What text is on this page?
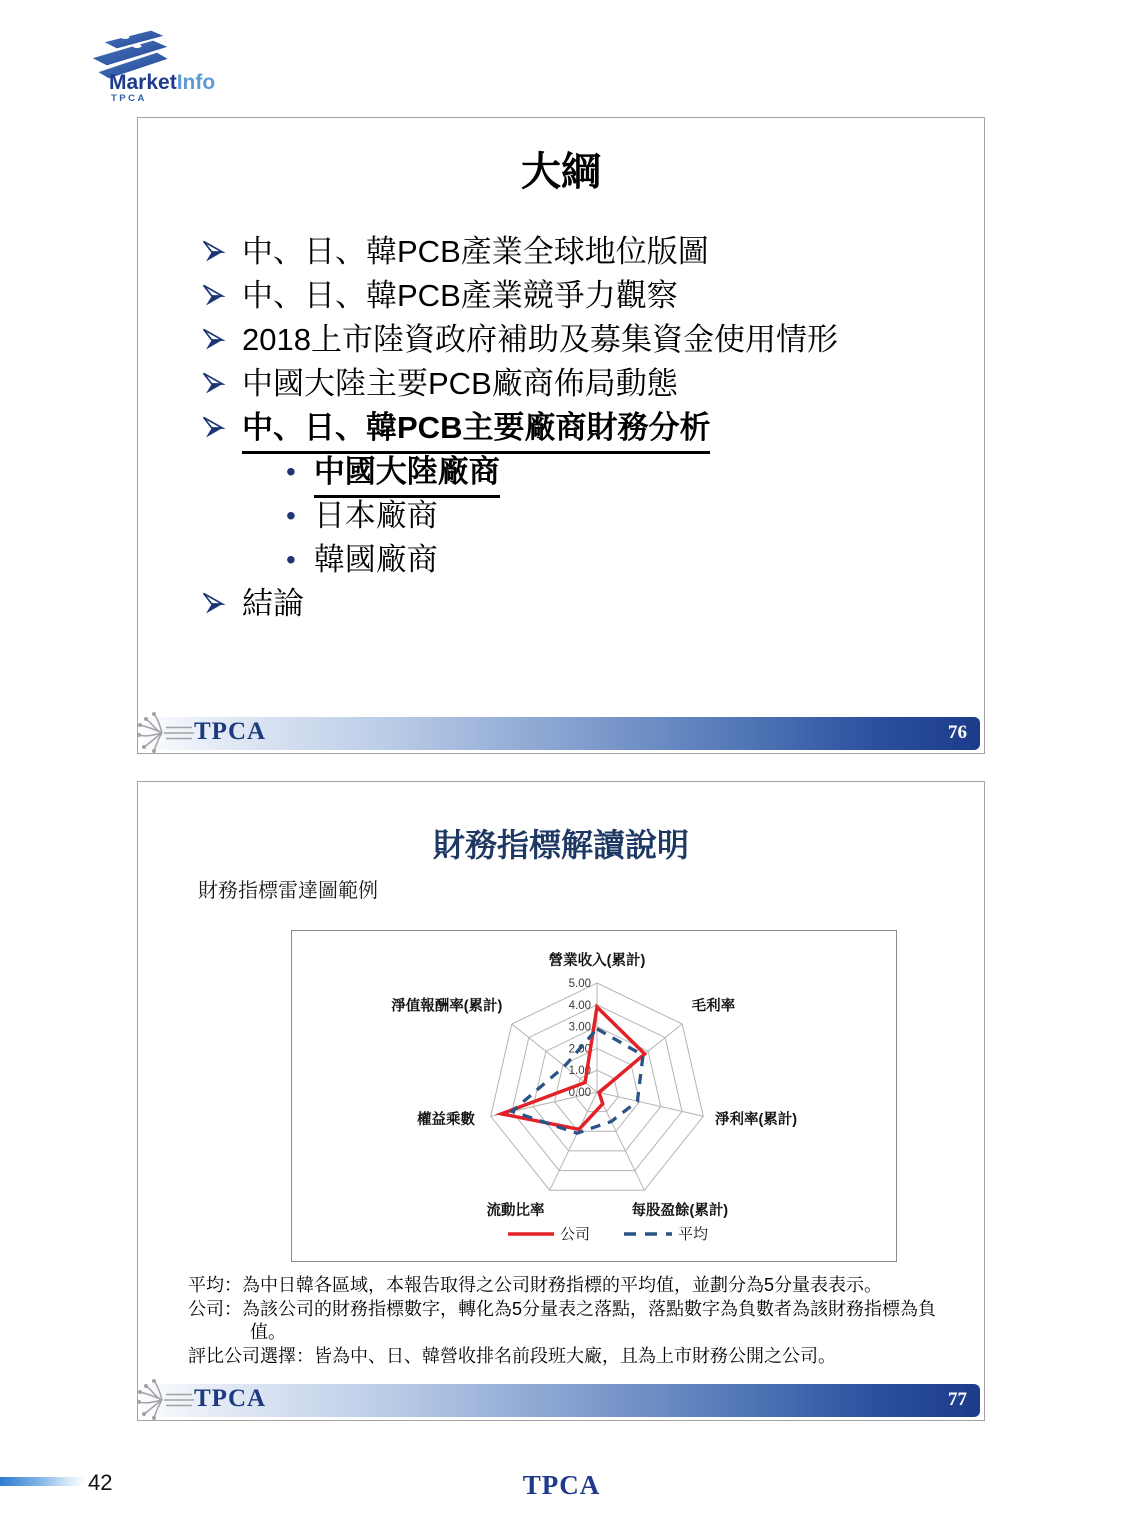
MarketInfo
TPCA
大綱
中、日、韓PCB產業全球地位版圖
中、日、韓PCB產業競爭力觀察
2018上市陸資政府補助及募集資金使用情形
中國大陸主要PCB廠商佈局動態
中、日、韓PCB主要廠商財務分析
• 中國大陸廠商
• 日本廠商
• 韓國廠商
結論
TPCA	76
財務指標解讀說明
財務指標雷達圖範例
0.00
1.00
2.00
3.00
4.00
5.00
營業收入(累計)
毛利率
淨利率(累計)
每股盈餘(累計)
流動比率
權益乘數
淨值報酬率(累計)
公司	平均
平均：為中日韓各區域，本報告取得之公司財務指標的平均值，並劃分為5分量表表示。
公司：為該公司的財務指標數字，轉化為5分量表之落點，落點數字為負數者為該財務指標為負值。
評比公司選擇：皆為中、日、韓營收排名前段班大廠，且為上市財務公開之公司。
TPCA	77
42	TPCA
